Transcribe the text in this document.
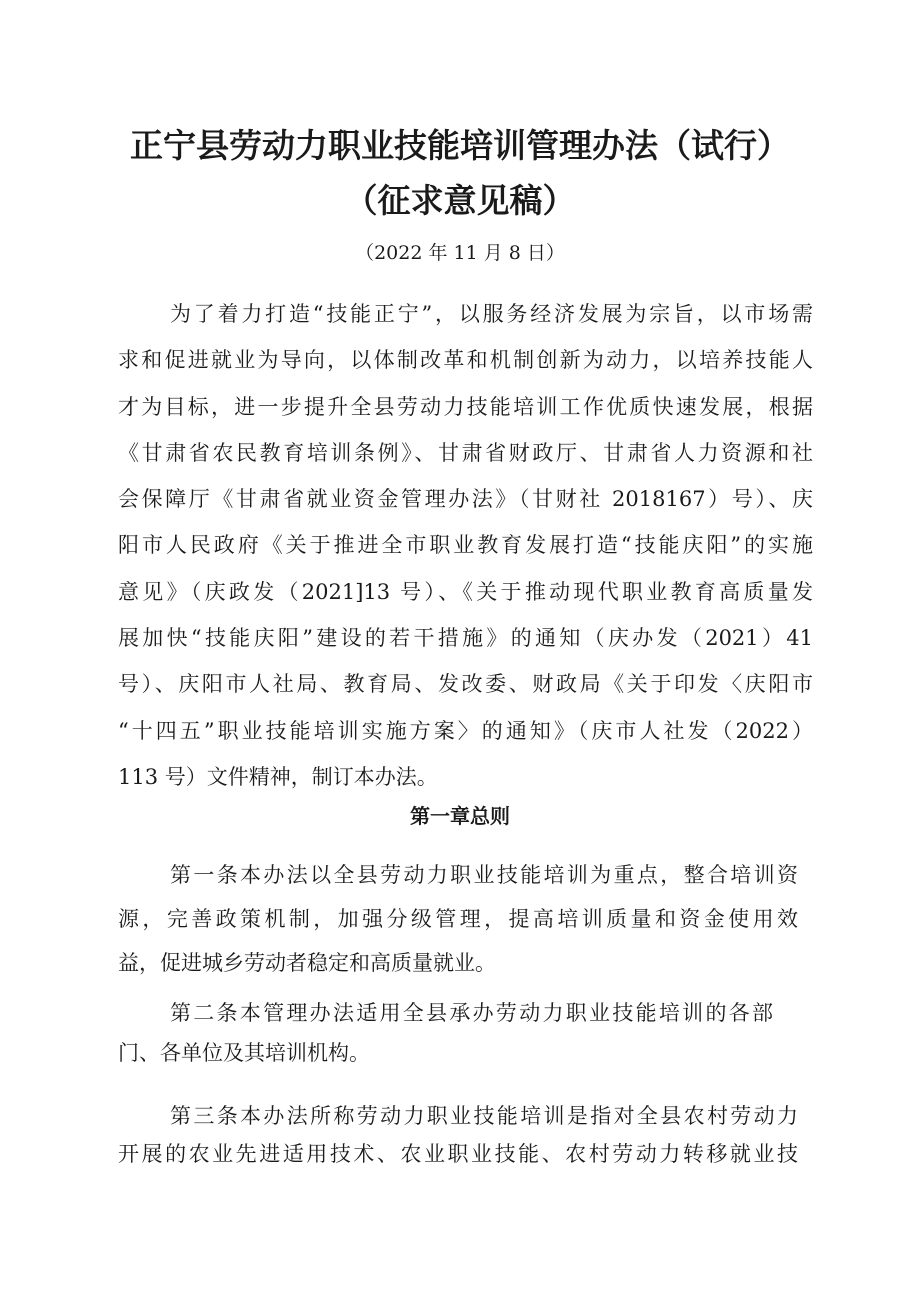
正宁县劳动力职业技能培训管理办法（试行）
（征求意见稿）

（2022 年 11 月 8 日）

为了着力打造“技能正宁”，以服务经济发展为宗旨，以市场需
求和促进就业为导向，以体制改革和机制创新为动力，以培养技能人
才为目标，进一步提升全县劳动力技能培训工作优质快速发展，根据
《甘肃省农民教育培训条例》、甘肃省财政厅、甘肃省人力资源和社
会保障厅《甘肃省就业资金管理办法》（甘财社 2018167）号）、庆
阳市人民政府《关于推进全市职业教育发展打造“技能庆阳”的实施
意见》（庆政发（2021]13 号）、《关于推动现代职业教育高质量发
展加快“技能庆阳”建设的若干措施》的通知（庆办发（2021）41
号）、庆阳市人社局、教育局、发改委、财政局《关于印发〈庆阳市
“十四五”职业技能培训实施方案〉的通知》（庆市人社发（2022）
113 号）文件精神，制订本办法。
第一章总则
第一条本办法以全县劳动力职业技能培训为重点，整合培训资
源，完善政策机制，加强分级管理，提高培训质量和资金使用效
益，促进城乡劳动者稳定和高质量就业。
第二条本管理办法适用全县承办劳动力职业技能培训的各部
门、各单位及其培训机构。
第三条本办法所称劳动力职业技能培训是指对全县农村劳动力
开展的农业先进适用技术、农业职业技能、农村劳动力转移就业技
